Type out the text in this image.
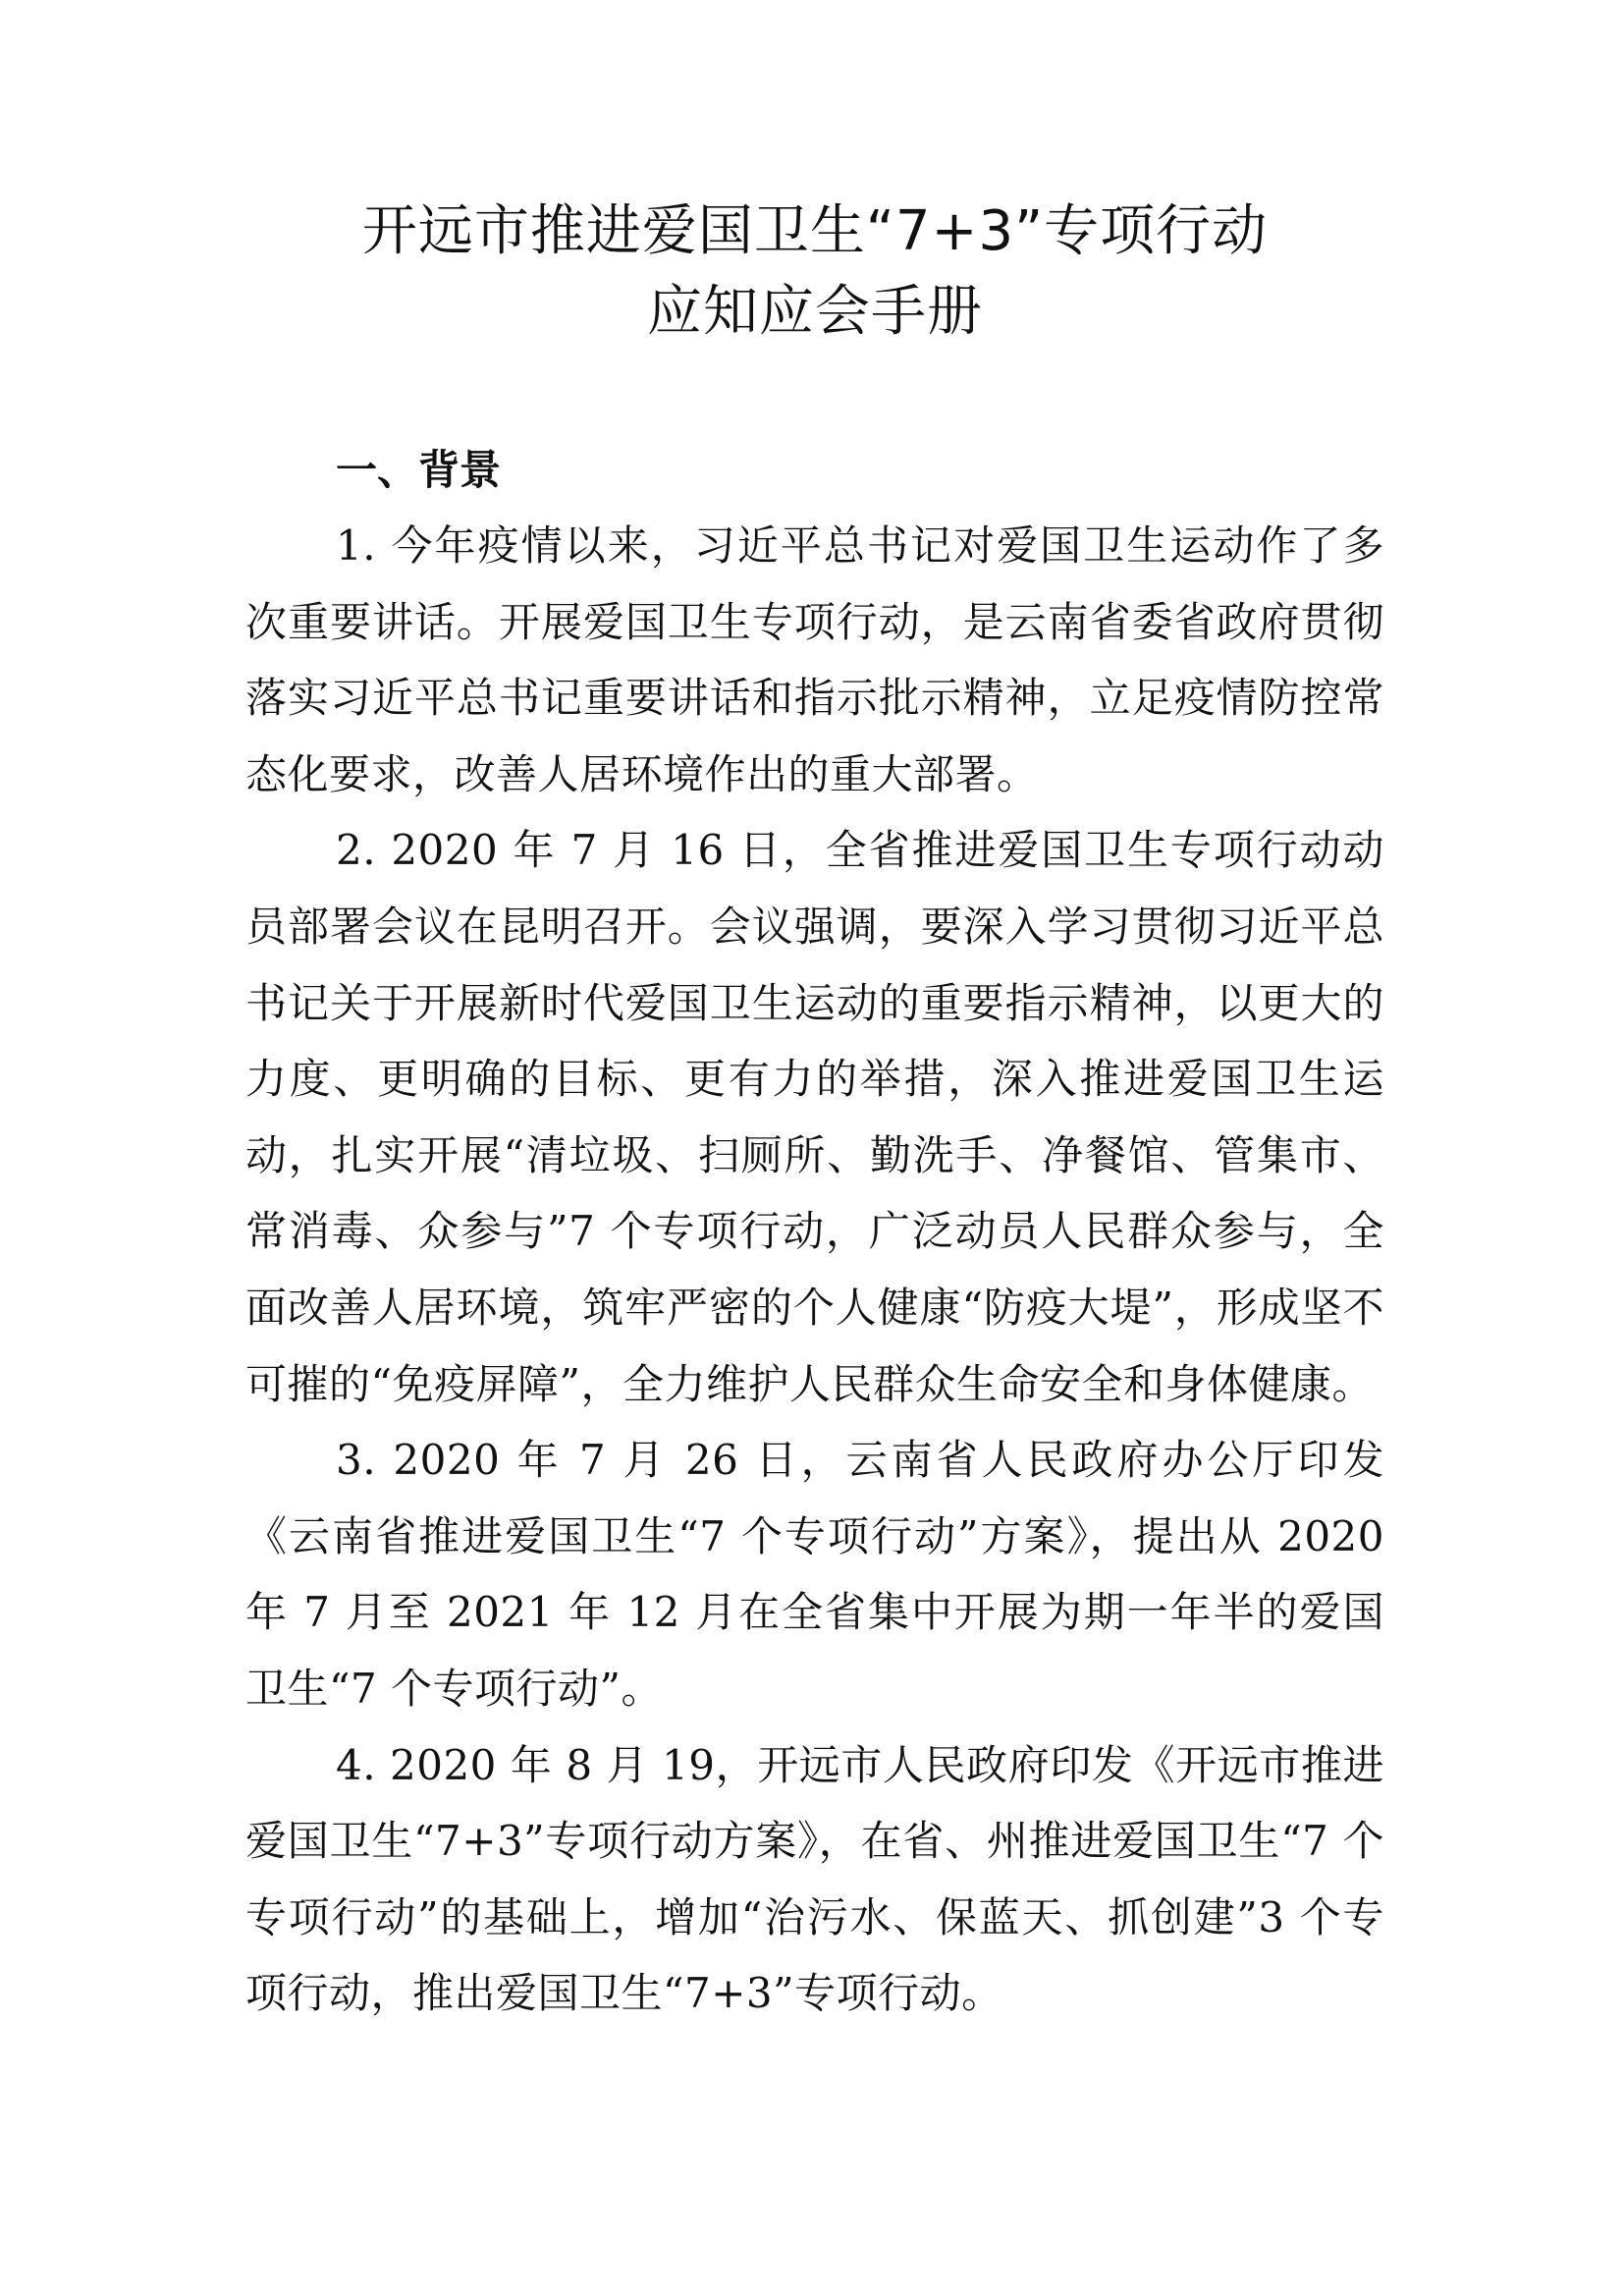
开远市推进爱国卫生“7+3”专项行动
应知应会手册
一、背景

1. 今年疫情以来，习近平总书记对爱国卫生运动作了多次重要讲话。开展爱国卫生专项行动，是云南省委省政府贯彻落实习近平总书记重要讲话和指示批示精神，立足疫情防控常态化要求，改善人居环境作出的重大部署。

2. 2020 年 7 月 16 日，全省推进爱国卫生专项行动动员部署会议在昆明召开。会议强调，要深入学习贯彻习近平总书记关于开展新时代爱国卫生运动的重要指示精神，以更大的力度、更明确的目标、更有力的举措，深入推进爱国卫生运动，扎实开展“清垃圾、扫厕所、勤洗手、净餐馆、管集市、常消毒、众参与”7 个专项行动，广泛动员人民群众参与，全面改善人居环境，筑牢严密的个人健康“防疫大堤”，形成坚不可摧的“免疫屏障”，全力维护人民群众生命安全和身体健康。

3. 2020 年 7 月 26 日，云南省人民政府办公厅印发《云南省推进爱国卫生“7 个专项行动”方案》，提出从 2020 年 7 月至 2021 年 12 月在全省集中开展为期一年半的爱国卫生“7 个专项行动”。

4. 2020 年 8 月 19，开远市人民政府印发《开远市推进爱国卫生“7+3”专项行动方案》，在省、州推进爱国卫生“7 个专项行动”的基础上，增加“治污水、保蓝天、抓创建”3 个专项行动，推出爱国卫生“7+3”专项行动。
